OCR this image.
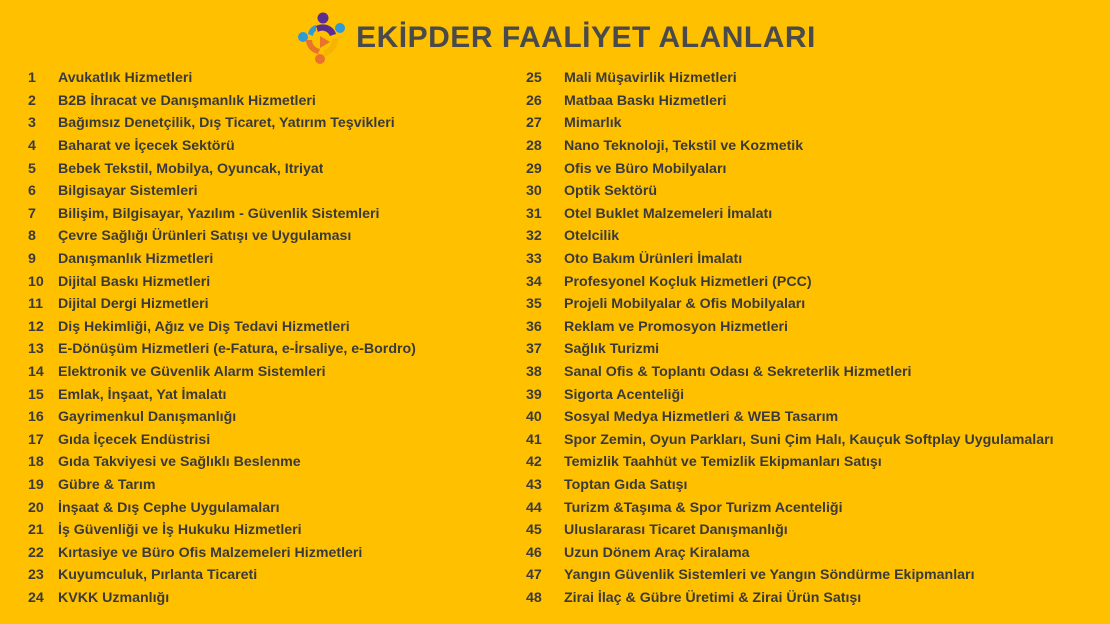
EKİPDER FAALİYET ALANLARI
1	Avukatlık Hizmetleri
2	B2B İhracat ve Danışmanlık Hizmetleri
3	Bağımsız Denetçilik, Dış Ticaret, Yatırım Teşvikleri
4	Baharat ve İçecek Sektörü
5	Bebek Tekstil, Mobilya, Oyuncak, Itriyat
6	Bilgisayar Sistemleri
7	Bilişim, Bilgisayar, Yazılım - Güvenlik Sistemleri
8	Çevre Sağlığı Ürünleri Satışı ve Uygulaması
9	Danışmanlık Hizmetleri
10	Dijital Baskı Hizmetleri
11	Dijital Dergi Hizmetleri
12	Diş Hekimliği, Ağız ve Diş Tedavi Hizmetleri
13	E-Dönüşüm Hizmetleri (e-Fatura, e-İrsaliye, e-Bordro)
14	Elektronik ve Güvenlik Alarm Sistemleri
15	Emlak, İnşaat, Yat İmalatı
16	Gayrimenkul Danışmanlığı
17	Gıda İçecek Endüstrisi
18	Gıda Takviyesi ve Sağlıklı Beslenme
19	Gübre & Tarım
20	İnşaat & Dış Cephe Uygulamaları
21	İş Güvenliği ve İş Hukuku Hizmetleri
22	Kırtasiye ve Büro Ofis Malzemeleri Hizmetleri
23	Kuyumculuk, Pırlanta Ticareti
24	KVKK Uzmanlığı
25	Mali Müşavirlik Hizmetleri
26	Matbaa Baskı Hizmetleri
27	Mimarlık
28	Nano Teknoloji, Tekstil ve Kozmetik
29	Ofis ve Büro Mobilyaları
30	Optik Sektörü
31	Otel Buklet Malzemeleri İmalatı
32	Otelcilik
33	Oto Bakım Ürünleri İmalatı
34	Profesyonel Koçluk Hizmetleri (PCC)
35	Projeli Mobilyalar & Ofis Mobilyaları
36	Reklam ve Promosyon Hizmetleri
37	Sağlık Turizmi
38	Sanal Ofis & Toplantı Odası & Sekreterlik Hizmetleri
39	Sigorta Acenteliği
40	Sosyal Medya Hizmetleri & WEB Tasarım
41	Spor Zemin, Oyun Parkları, Suni Çim Halı, Kauçuk Softplay Uygulamaları
42	Temizlik Taahhüt ve Temizlik Ekipmanları Satışı
43	Toptan Gıda Satışı
44	Turizm &Taşıma & Spor Turizm Acenteliği
45	Uluslararası Ticaret Danışmanlığı
46	Uzun Dönem Araç Kiralama
47	Yangın Güvenlik Sistemleri ve Yangın Söndürme Ekipmanları
48	Zirai İlaç & Gübre Üretimi & Zirai Ürün Satışı
